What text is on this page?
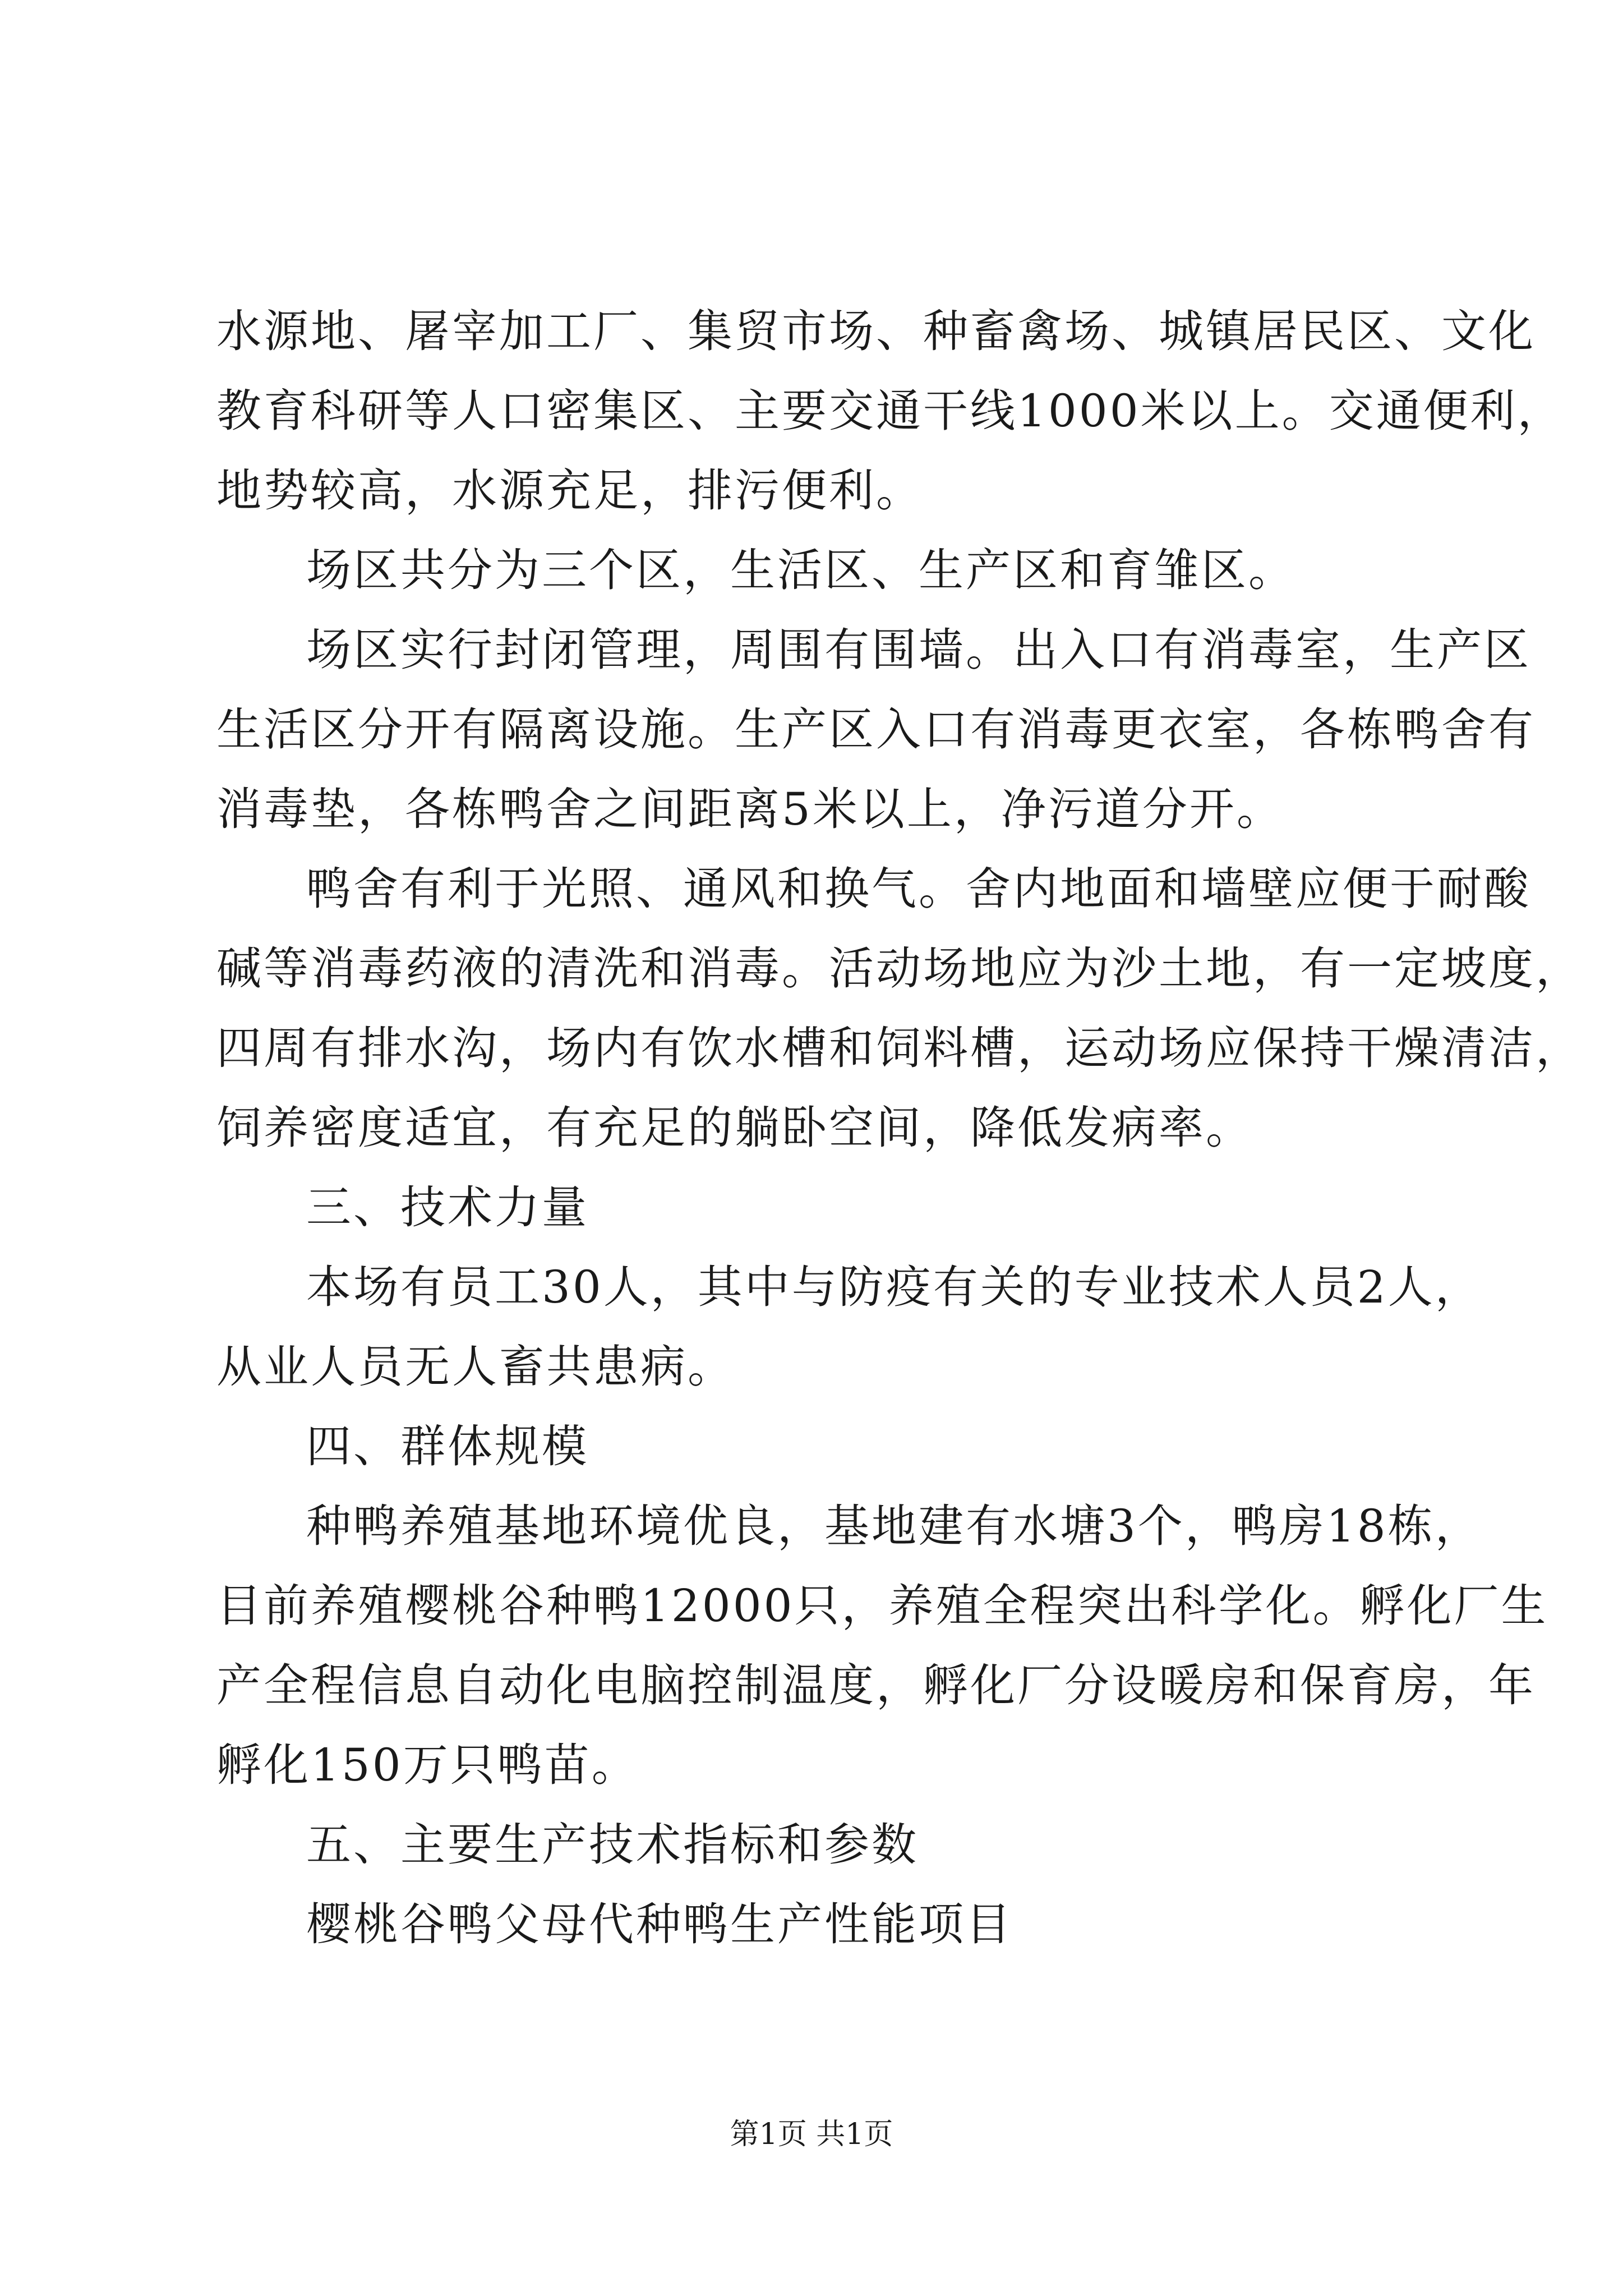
水源地、屠宰加工厂、集贸市场、种畜禽场、城镇居民区、文化
教育科研等人口密集区、主要交通干线1000米以上。交通便利，
地势较高，水源充足，排污便利。
场区共分为三个区，生活区、生产区和育雏区。
场区实行封闭管理，周围有围墙。出入口有消毒室，生产区
生活区分开有隔离设施。生产区入口有消毒更衣室，各栋鸭舍有
消毒垫，各栋鸭舍之间距离5米以上，净污道分开。
鸭舍有利于光照、通风和换气。舍内地面和墙壁应便于耐酸
碱等消毒药液的清洗和消毒。活动场地应为沙土地，有一定坡度，
四周有排水沟，场内有饮水槽和饲料槽，运动场应保持干燥清洁，
饲养密度适宜，有充足的躺卧空间，降低发病率。
三、技术力量
本场有员工30人，其中与防疫有关的专业技术人员2人，
从业人员无人畜共患病。
四、群体规模
种鸭养殖基地环境优良，基地建有水塘3个，鸭房18栋，
目前养殖樱桃谷种鸭12000只，养殖全程突出科学化。孵化厂生
产全程信息自动化电脑控制温度，孵化厂分设暖房和保育房，年
孵化150万只鸭苗。
五、主要生产技术指标和参数
樱桃谷鸭父母代种鸭生产性能项目
第1页 共1页
